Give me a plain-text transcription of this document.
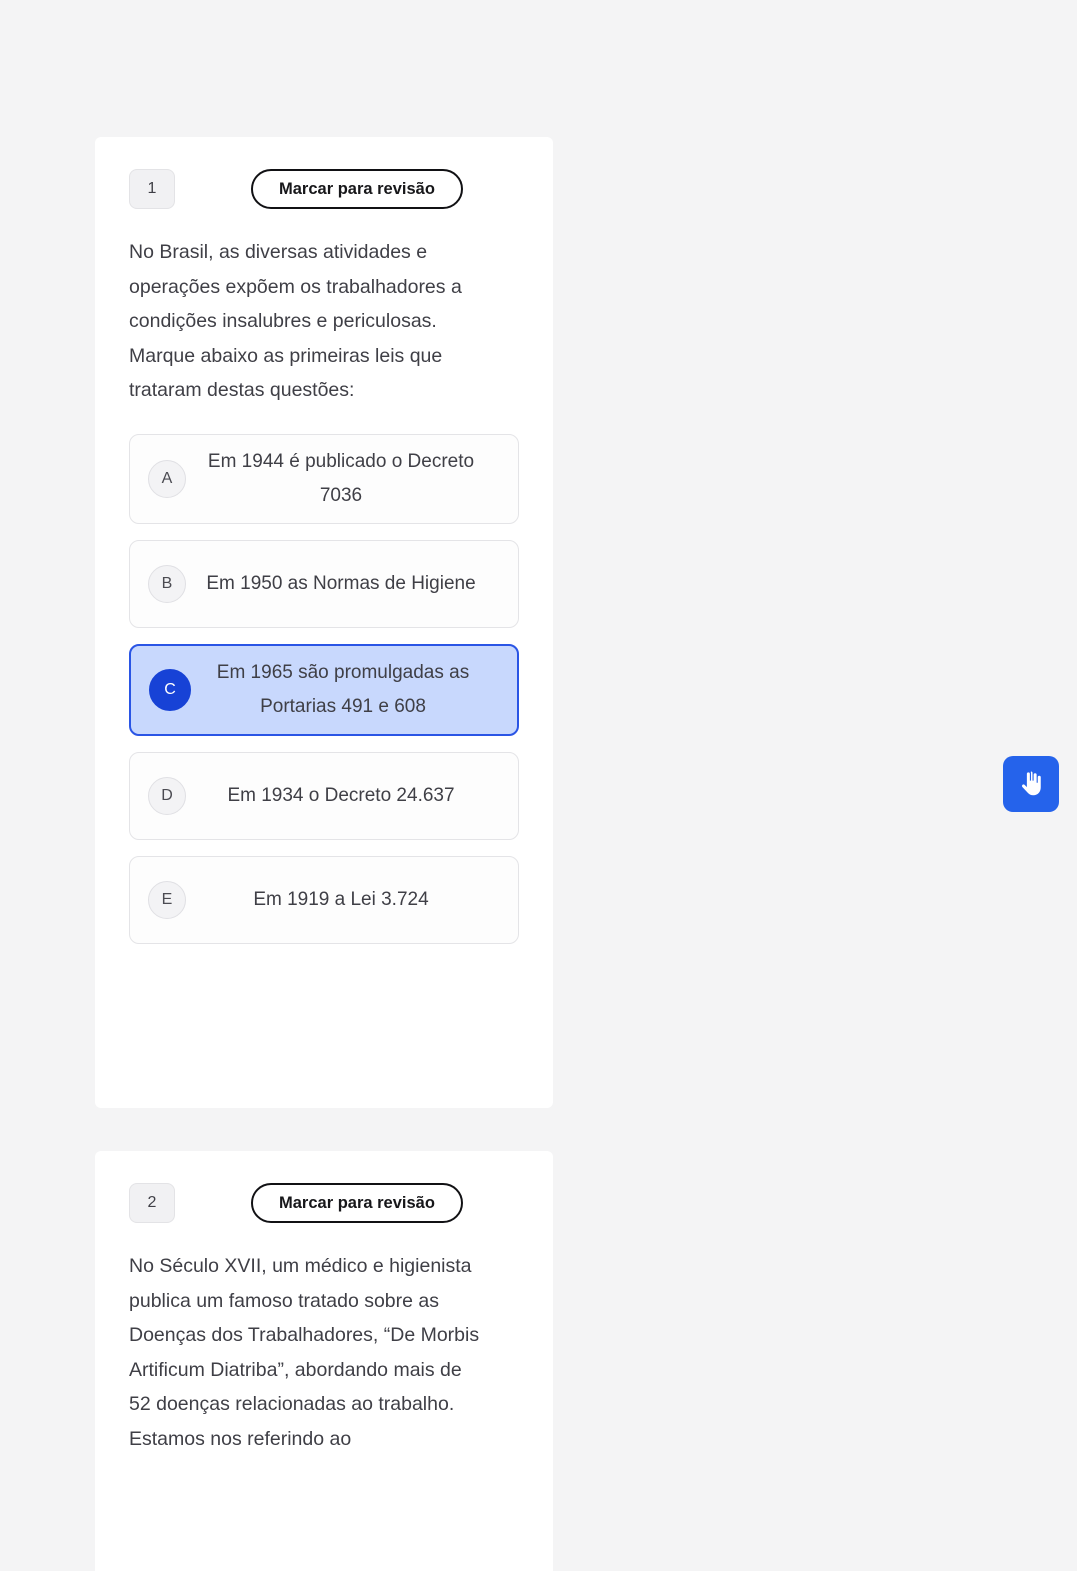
1	Marcar para revisão
No Brasil, as diversas atividades e operações expõem os trabalhadores a condições insalubres e periculosas. Marque abaixo as primeiras leis que trataram destas questões:
A
Em 1944 é publicado o Decreto 7036
B	Em 1950 as Normas de Higiene
C
Em 1965 são promulgadas as Portarias 491 e 608
D	Em 1934 o Decreto 24.637
E	Em 1919 a Lei 3.724
2	Marcar para revisão
No Século XVII, um médico e higienista publica um famoso tratado sobre as Doenças dos Trabalhadores, “De Morbis Artificum Diatriba”, abordando mais de 52 doenças relacionadas ao trabalho. Estamos nos referindo ao
